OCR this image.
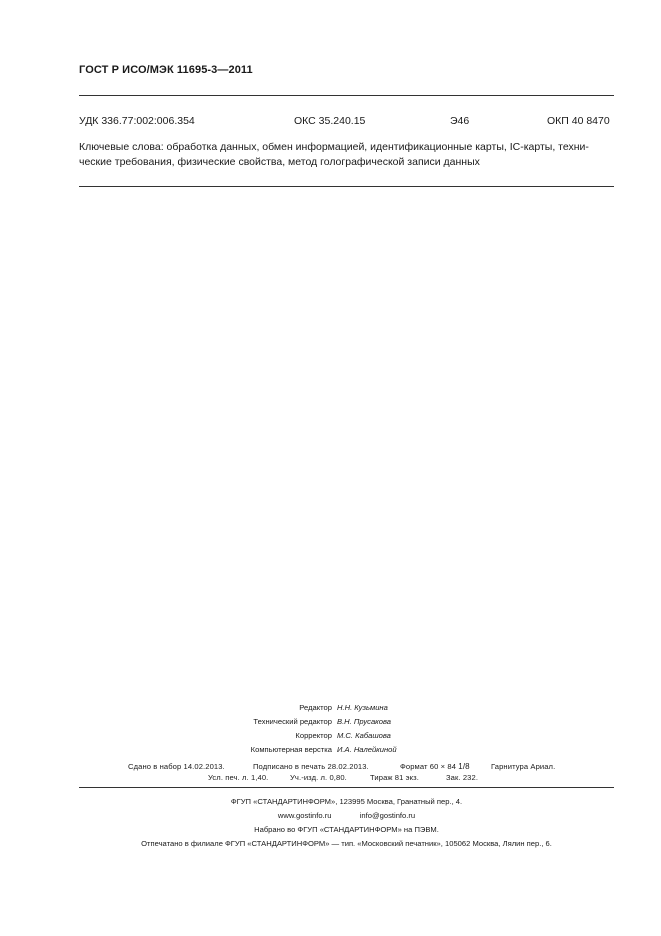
ГОСТ Р ИСО/МЭК 11695-3—2011
УДК 336.77:002:006.354	ОКС 35.240.15	Э46	ОКП 40 8470
Ключевые слова: обработка данных, обмен информацией, идентификационные карты, IC-карты, техни-
ческие требования, физические свойства, метод голографической записи данных
Редактор Н.Н. Кузьмина
Технический редактор В.Н. Прусакова
Корректор М.С. Кабашова
Компьютерная верстка И.А. Налейкиной
Сдано в набор 14.02.2013.	Подписано в печать 28.02.2013.	Формат 60 × 84 1/8	Гарнитура Ариал.
Усл. печ. л. 1,40.	Уч.-изд. л. 0,80.	Тираж 81 экз.	Зак. 232.
ФГУП «СТАНДАРТИНФОРМ», 123995 Москва, Гранатный пер., 4.
www.gostinfo.ru	info@gostinfo.ru
Набрано во ФГУП «СТАНДАРТИНФОРМ» на ПЭВМ.
Отпечатано в филиале ФГУП «СТАНДАРТИНФОРМ» — тип. «Московский печатник», 105062 Москва, Лялин пер., 6.
